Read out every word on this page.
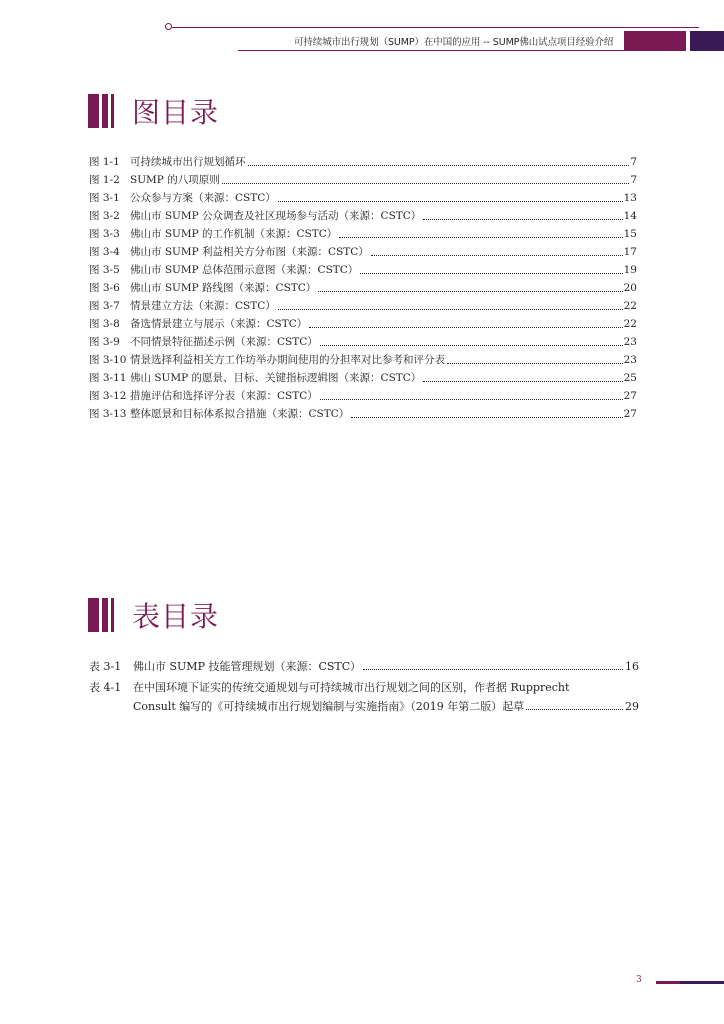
可持续城市出行规划（SUMP）在中国的应用 -- SUMP佛山试点项目经验介绍
图目录
图 1-1 可持续城市出行规划循环	7
图 1-2 SUMP 的八项原则	7
图 3-1 公众参与方案（来源：CSTC）	13
图 3-2 佛山市 SUMP 公众调查及社区现场参与活动（来源：CSTC）	14
图 3-3 佛山市 SUMP 的工作机制（来源：CSTC）	15
图 3-4 佛山市 SUMP 利益相关方分布图（来源：CSTC）	17
图 3-5 佛山市 SUMP 总体范围示意图（来源：CSTC）	19
图 3-6 佛山市 SUMP 路线图（来源：CSTC）	20
图 3-7 情景建立方法（来源：CSTC）	22
图 3-8 备选情景建立与展示（来源：CSTC）	22
图 3-9 不同情景特征描述示例（来源：CSTC）	23
图 3-10 情景选择利益相关方工作坊举办期间使用的分担率对比参考和评分表	23
图 3-11 佛山 SUMP 的愿景、目标、关键指标逻辑图（来源：CSTC）	25
图 3-12 措施评估和选择评分表（来源：CSTC）	27
图 3-13 整体愿景和目标体系拟合措施（来源：CSTC）	27
表目录
表 3-1	佛山市 SUMP 技能管理规划（来源：CSTC）	16
表 4-1	在中国环境下证实的传统交通规划与可持续城市出行规划之间的区别，作者据 Rupprecht
Consult 编写的《可持续城市出行规划编制与实施指南》（2019 年第二版）起草	29
3
